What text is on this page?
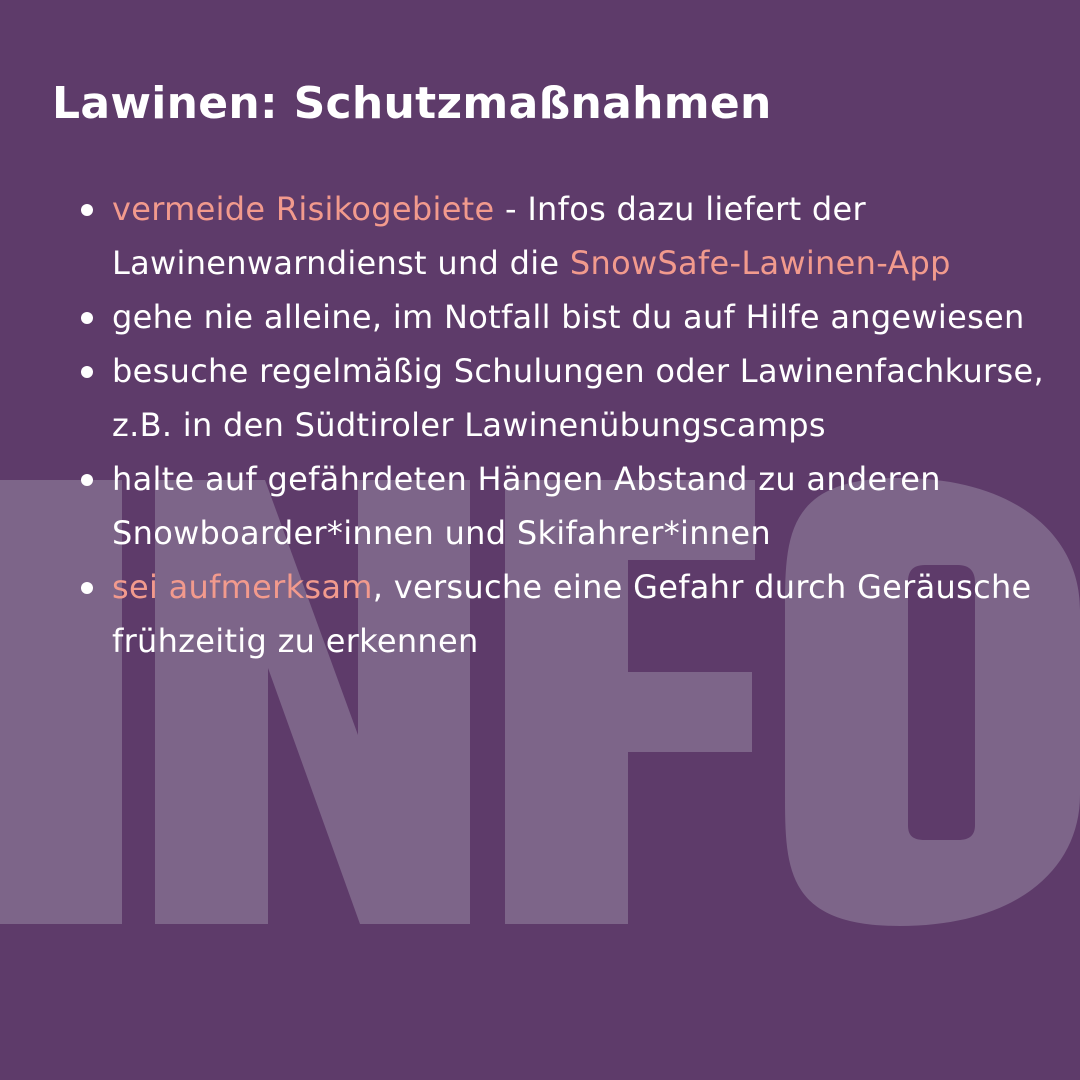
Lawinen: Schutzmaßnahmen
vermeide Risikogebiete - Infos dazu liefert der Lawinenwarndienst und die SnowSafe-Lawinen-App
gehe nie alleine, im Notfall bist du auf Hilfe angewiesen
besuche regelmäßig Schulungen oder Lawinenfachkurse, z.B. in den Südtiroler Lawinenübungscamps
halte auf gefährdeten Hängen Abstand zu anderen Snowboarder*innen und Skifahrer*innen
sei aufmerksam, versuche eine Gefahr durch Geräusche frühzeitig zu erkennen
